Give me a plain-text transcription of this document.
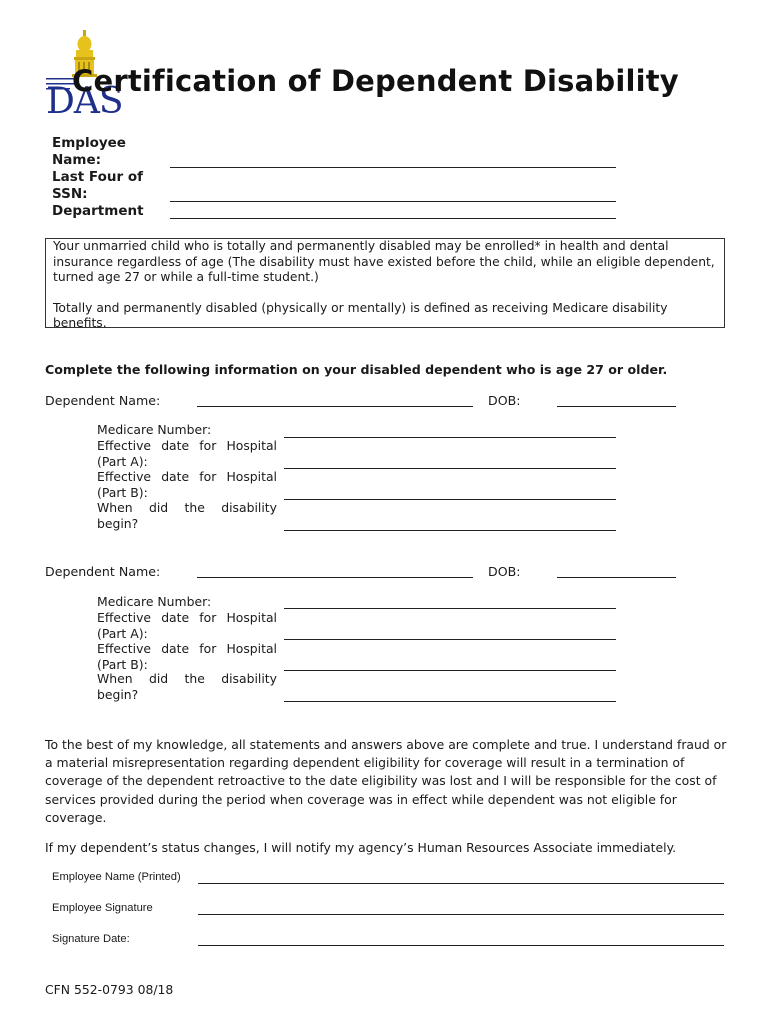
DAS
Certification of Dependent Disability
Employee
Name:
Last Four of
SSN:
Department

Your unmarried child who is totally and permanently disabled may be enrolled* in health and dental insurance regardless of age (The disability must have existed before the child, while an eligible dependent, turned age 27 or while a full-time student.)

Totally and permanently disabled (physically or mentally) is defined as receiving Medicare disability benefits.

Complete the following information on your disabled dependent who is age 27 or older.
Dependent Name:	DOB:
Medicare Number:
Effective date for Hospital (Part A):
Effective date for Hospital (Part B):
When did the disability begin?
Dependent Name:	DOB:
Medicare Number:
Effective date for Hospital (Part A):
Effective date for Hospital (Part B):
When did the disability begin?
To the best of my knowledge, all statements and answers above are complete and true. I understand fraud or a material misrepresentation regarding dependent eligibility for coverage will result in a termination of coverage of the dependent retroactive to the date eligibility was lost and I will be responsible for the cost of services provided during the period when coverage was in effect while dependent was not eligible for coverage.
If my dependent’s status changes, I will notify my agency’s Human Resources Associate immediately.
Employee Name (Printed)
Employee Signature
Signature Date:
CFN 552-0793 08/18
